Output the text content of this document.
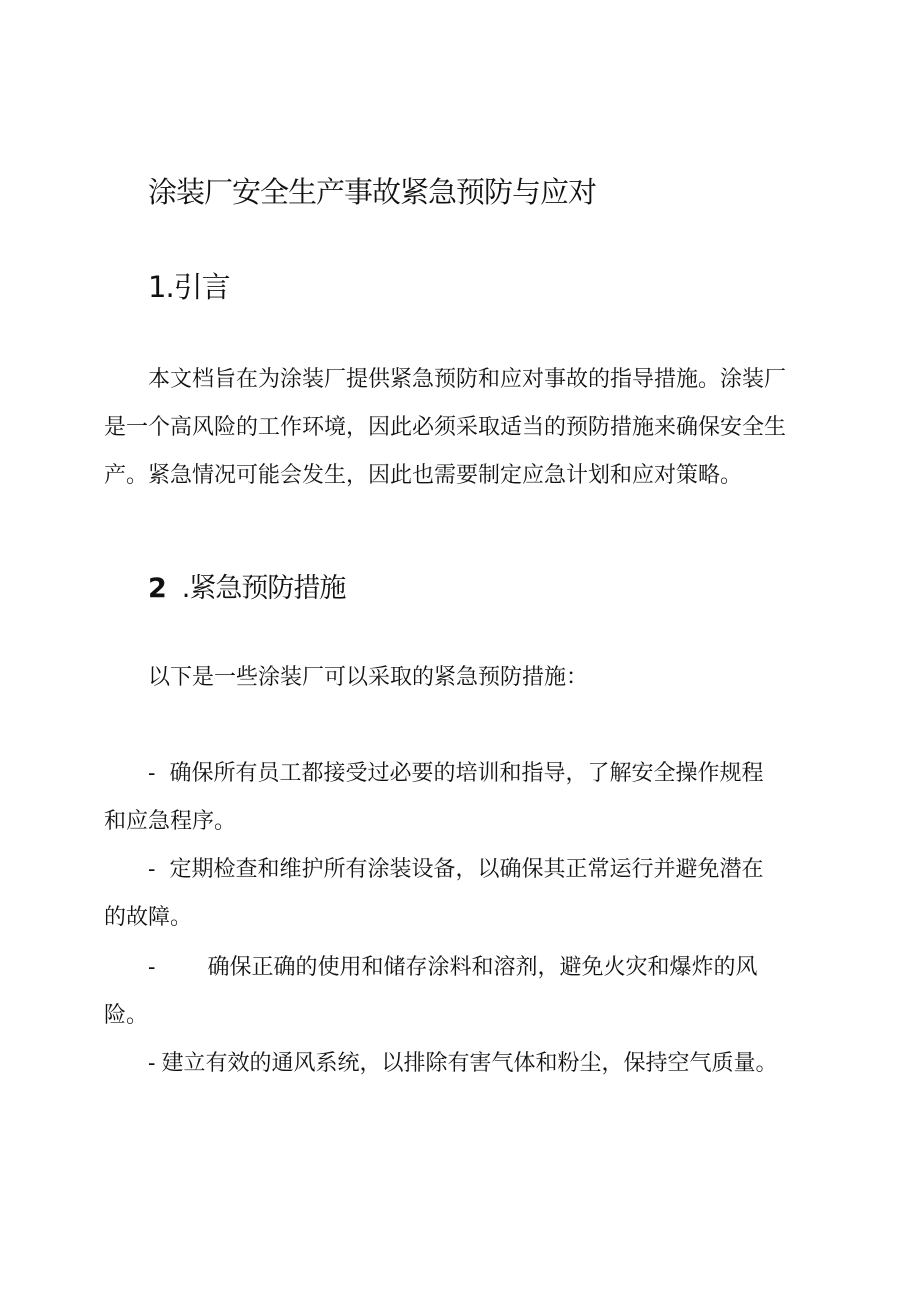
涂装厂安全生产事故紧急预防与应对
1.引言
本文档旨在为涂装厂提供紧急预防和应对事故的指导措施。涂装厂
是一个高风险的工作环境，因此必须采取适当的预防措施来确保安全生
产。紧急情况可能会发生，因此也需要制定应急计划和应对策略。
2 .紧急预防措施
以下是一些涂装厂可以采取的紧急预防措施：
- 确保所有员工都接受过必要的培训和指导，了解安全操作规程
和应急程序。
- 定期检查和维护所有涂装设备，以确保其正常运行并避免潜在
的故障。
- 确保正确的使用和储存涂料和溶剂，避免火灾和爆炸的风
险。
- 建立有效的通风系统，以排除有害气体和粉尘，保持空气质量。
